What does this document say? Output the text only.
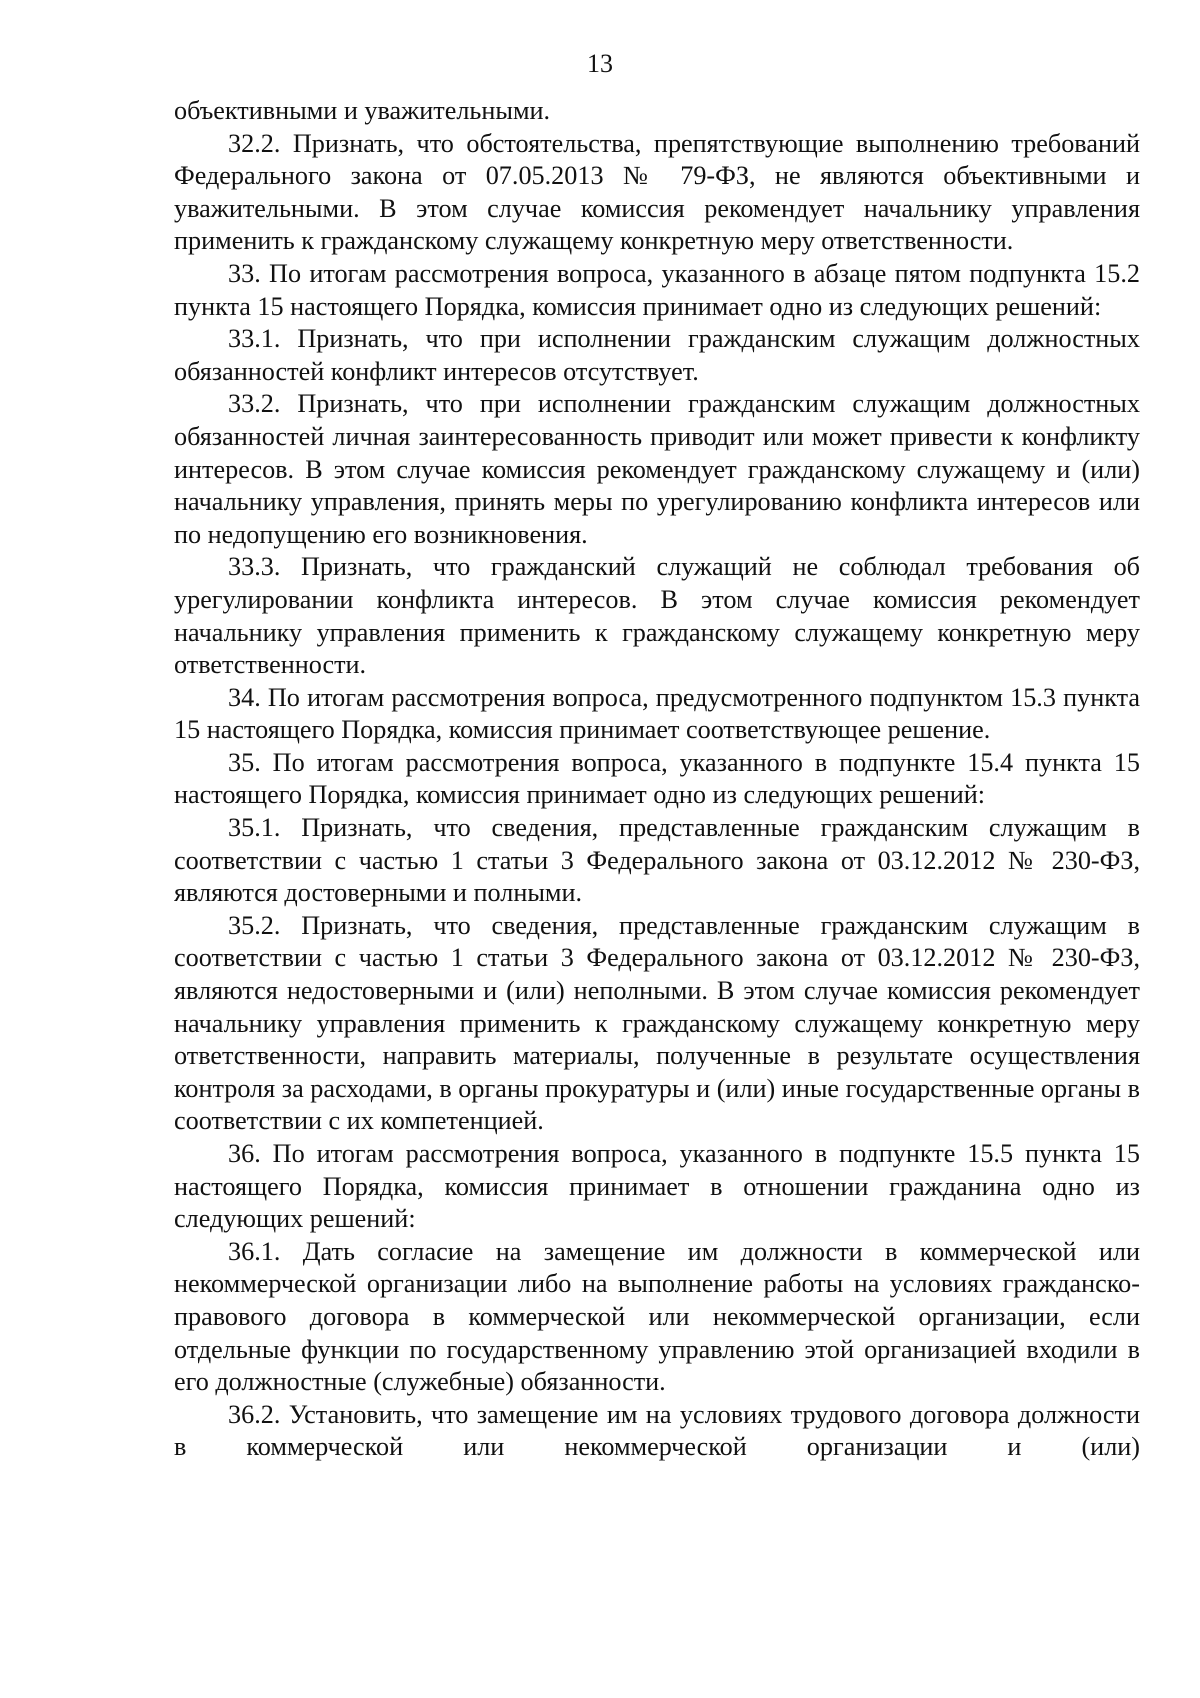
13

объективными и уважительными.

32.2. Признать, что обстоятельства, препятствующие выполнению требований Федерального закона от 07.05.2013 № 79-ФЗ, не являются объективными и уважительными. В этом случае комиссия рекомендует начальнику управления применить к гражданскому служащему конкретную меру ответственности.

33. По итогам рассмотрения вопроса, указанного в абзаце пятом подпункта 15.2 пункта 15 настоящего Порядка, комиссия принимает одно из следующих решений:

33.1. Признать, что при исполнении гражданским служащим должностных обязанностей конфликт интересов отсутствует.

33.2. Признать, что при исполнении гражданским служащим должностных обязанностей личная заинтересованность приводит или может привести к конфликту интересов. В этом случае комиссия рекомендует гражданскому служащему и (или) начальнику управления, принять меры по урегулированию конфликта интересов или по недопущению его возникновения.

33.3. Признать, что гражданский служащий не соблюдал требования об урегулировании конфликта интересов. В этом случае комиссия рекомендует начальнику управления применить к гражданскому служащему конкретную меру ответственности.

34. По итогам рассмотрения вопроса, предусмотренного подпунктом 15.3 пункта 15 настоящего Порядка, комиссия принимает соответствующее решение.

35. По итогам рассмотрения вопроса, указанного в подпункте 15.4 пункта 15 настоящего Порядка, комиссия принимает одно из следующих решений:

35.1. Признать, что сведения, представленные гражданским служащим в соответствии с частью 1 статьи 3 Федерального закона от 03.12.2012 № 230-ФЗ, являются достоверными и полными.

35.2. Признать, что сведения, представленные гражданским служащим в соответствии с частью 1 статьи 3 Федерального закона от 03.12.2012 № 230-ФЗ, являются недостоверными и (или) неполными. В этом случае комиссия рекомендует начальнику управления применить к гражданскому служащему конкретную меру ответственности, направить материалы, полученные в результате осуществления контроля за расходами, в органы прокуратуры и (или) иные государственные органы в соответствии с их компетенцией.

36. По итогам рассмотрения вопроса, указанного в подпункте 15.5 пункта 15 настоящего Порядка, комиссия принимает в отношении гражданина одно из следующих решений:

36.1. Дать согласие на замещение им должности в коммерческой или некоммерческой организации либо на выполнение работы на условиях гражданско-правового договора в коммерческой или некоммерческой организации, если отдельные функции по государственному управлению этой организацией входили в его должностные (служебные) обязанности.

36.2. Установить, что замещение им на условиях трудового договора должности в коммерческой или некоммерческой организации и (или)
